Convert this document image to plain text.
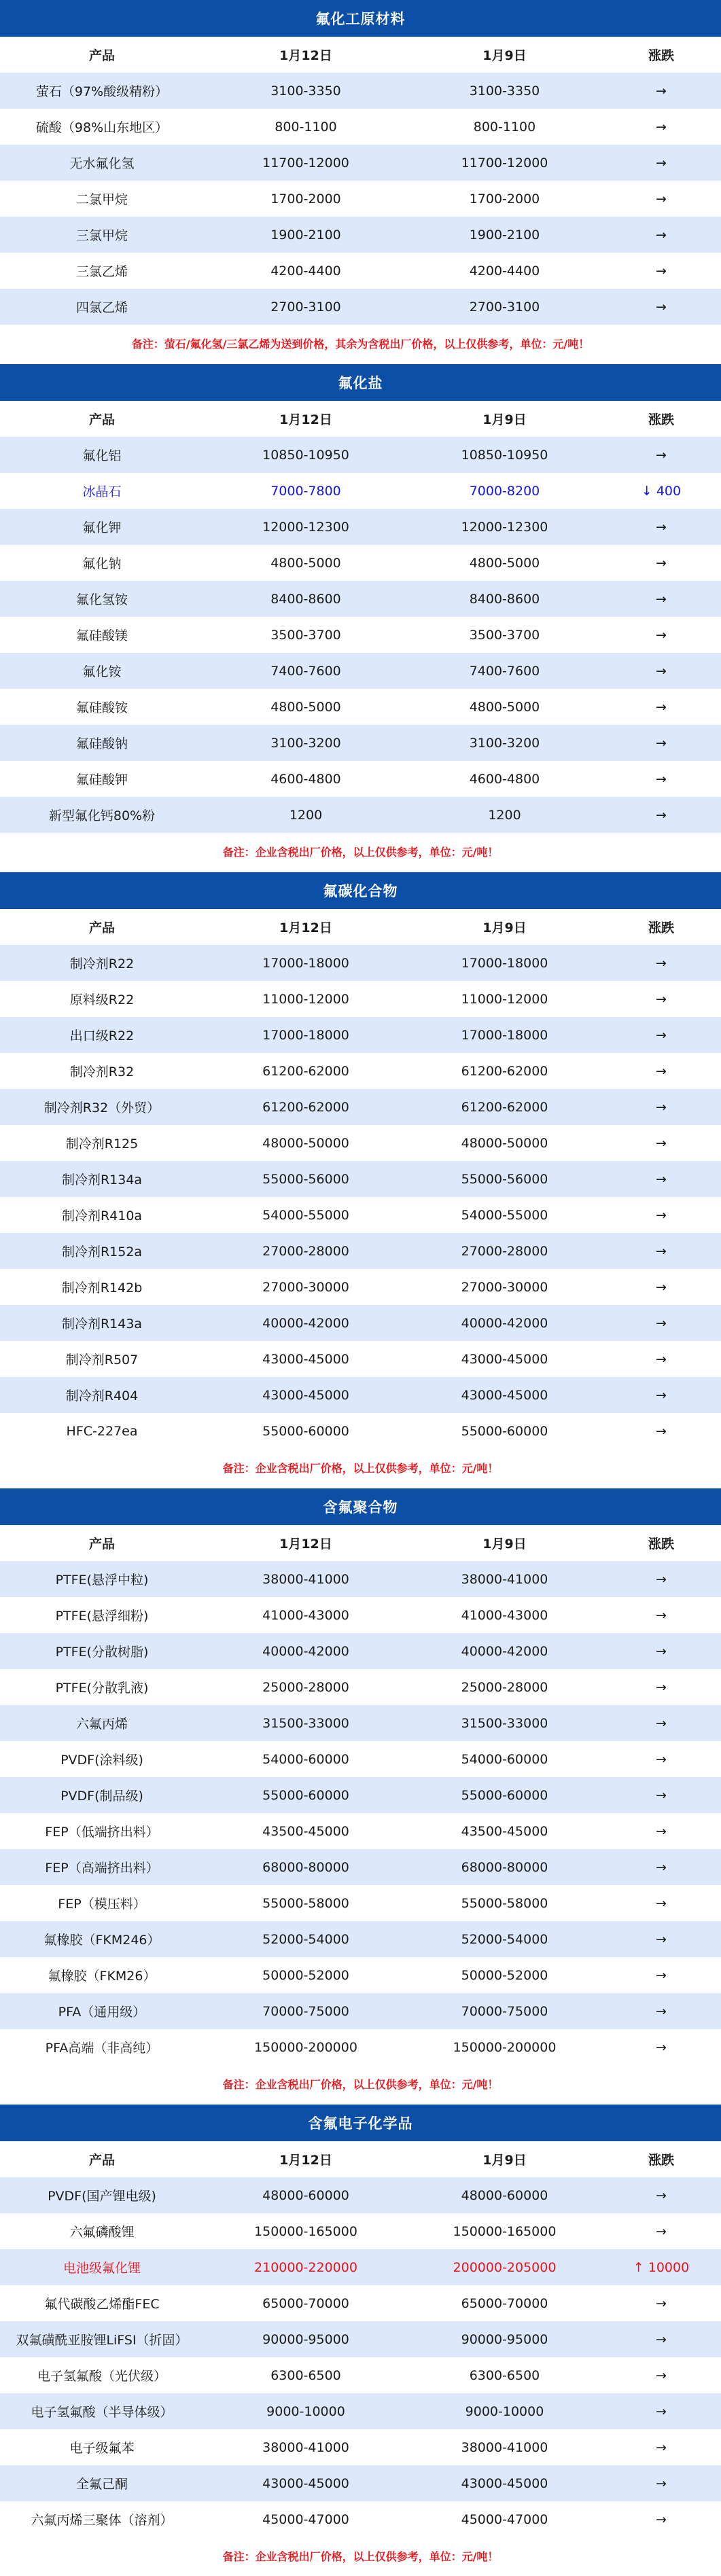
氟化工原材料
产品	1月12日	1月9日	涨跌
萤石（97%酸级精粉）	3100-3350	3100-3350	→
硫酸（98%山东地区）	800-1100	800-1100	→
无水氟化氢	11700-12000	11700-12000	→
二氯甲烷	1700-2000	1700-2000	→
三氯甲烷	1900-2100	1900-2100	→
三氯乙烯	4200-4400	4200-4400	→
四氯乙烯	2700-3100	2700-3100	→
备注：萤石/氟化氢/三氯乙烯为送到价格，其余为含税出厂价格，以上仅供参考，单位：元/吨！
氟化盐
产品	1月12日	1月9日	涨跌
氟化铝	10850-10950	10850-10950	→
冰晶石	7000-7800	7000-8200	↓ 400
氟化钾	12000-12300	12000-12300	→
氟化钠	4800-5000	4800-5000	→
氟化氢铵	8400-8600	8400-8600	→
氟硅酸镁	3500-3700	3500-3700	→
氟化铵	7400-7600	7400-7600	→
氟硅酸铵	4800-5000	4800-5000	→
氟硅酸钠	3100-3200	3100-3200	→
氟硅酸钾	4600-4800	4600-4800	→
新型氟化钙80%粉	1200	1200	→
备注：企业含税出厂价格，以上仅供参考，单位：元/吨！
氟碳化合物
产品	1月12日	1月9日	涨跌
制冷剂R22	17000-18000	17000-18000	→
原料级R22	11000-12000	11000-12000	→
出口级R22	17000-18000	17000-18000	→
制冷剂R32	61200-62000	61200-62000	→
制冷剂R32（外贸）	61200-62000	61200-62000	→
制冷剂R125	48000-50000	48000-50000	→
制冷剂R134a	55000-56000	55000-56000	→
制冷剂R410a	54000-55000	54000-55000	→
制冷剂R152a	27000-28000	27000-28000	→
制冷剂R142b	27000-30000	27000-30000	→
制冷剂R143a	40000-42000	40000-42000	→
制冷剂R507	43000-45000	43000-45000	→
制冷剂R404	43000-45000	43000-45000	→
HFC-227ea	55000-60000	55000-60000	→
备注：企业含税出厂价格，以上仅供参考，单位：元/吨！
含氟聚合物
产品	1月12日	1月9日	涨跌
PTFE(悬浮中粒)	38000-41000	38000-41000	→
PTFE(悬浮细粉)	41000-43000	41000-43000	→
PTFE(分散树脂)	40000-42000	40000-42000	→
PTFE(分散乳液)	25000-28000	25000-28000	→
六氟丙烯	31500-33000	31500-33000	→
PVDF(涂料级)	54000-60000	54000-60000	→
PVDF(制品级)	55000-60000	55000-60000	→
FEP（低端挤出料）	43500-45000	43500-45000	→
FEP（高端挤出料）	68000-80000	68000-80000	→
FEP（模压料）	55000-58000	55000-58000	→
氟橡胶（FKM246）	52000-54000	52000-54000	→
氟橡胶（FKM26）	50000-52000	50000-52000	→
PFA（通用级）	70000-75000	70000-75000	→
PFA高端（非高纯）	150000-200000	150000-200000	→
备注：企业含税出厂价格，以上仅供参考，单位：元/吨！
含氟电子化学品
产品	1月12日	1月9日	涨跌
PVDF(国产锂电级)	48000-60000	48000-60000	→
六氟磷酸锂	150000-165000	150000-165000	→
电池级氟化锂	210000-220000	200000-205000	↑ 10000
氟代碳酸乙烯酯FEC	65000-70000	65000-70000	→
双氟磺酰亚胺锂LiFSI（折固）	90000-95000	90000-95000	→
电子氢氟酸（光伏级）	6300-6500	6300-6500	→
电子氢氟酸（半导体级）	9000-10000	9000-10000	→
电子级氟苯	38000-41000	38000-41000	→
全氟己酮	43000-45000	43000-45000	→
六氟丙烯三聚体（溶剂）	45000-47000	45000-47000	→
备注：企业含税出厂价格，以上仅供参考，单位：元/吨！
